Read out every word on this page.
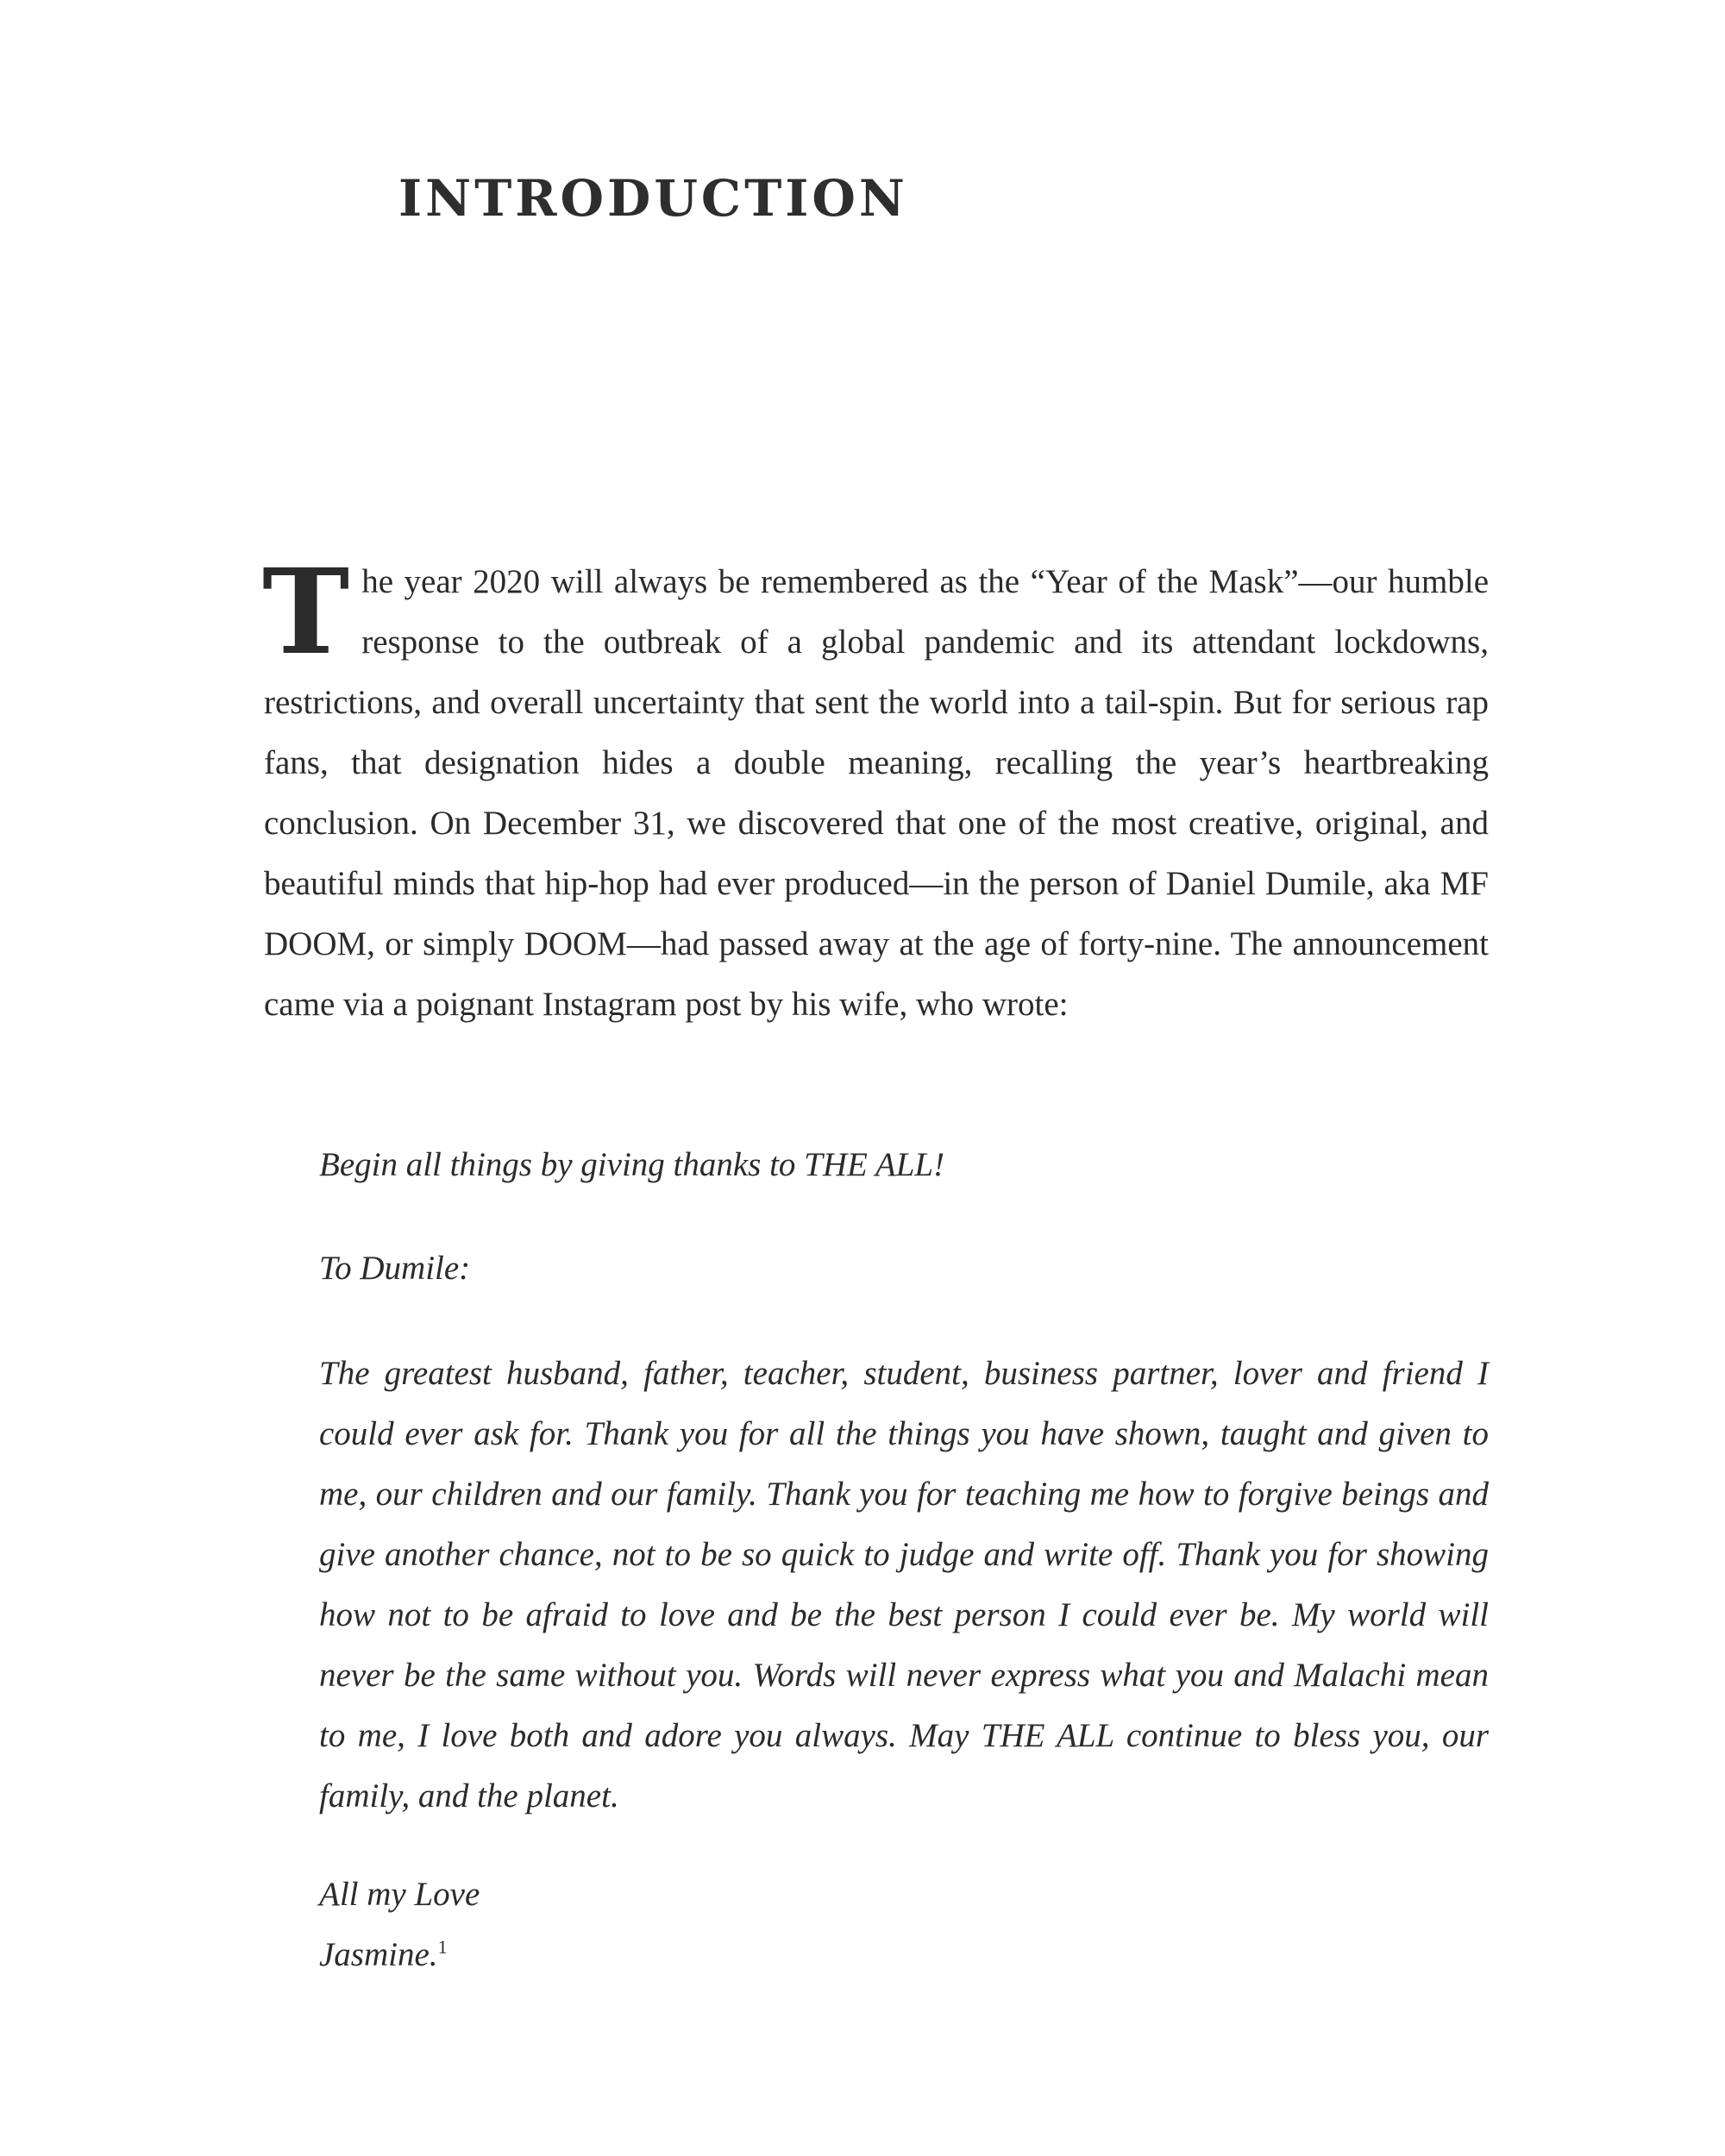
INTRODUCTION

The year 2020 will always be remembered as the “Year of the Mask”—our humble response to the outbreak of a global pandemic and its attendant lockdowns, restrictions, and overall uncertainty that sent the world into a tail-spin. But for serious rap fans, that designation hides a double meaning, recalling the year’s heartbreaking conclusion. On December 31, we discovered that one of the most creative, original, and beautiful minds that hip-hop had ever produced—in the person of Daniel Dumile, aka MF DOOM, or simply DOOM—had passed away at the age of forty-nine. The announcement came via a poignant Instagram post by his wife, who wrote:

Begin all things by giving thanks to THE ALL!

To Dumile:

The greatest husband, father, teacher, student, business partner, lover and friend I could ever ask for. Thank you for all the things you have shown, taught and given to me, our children and our family. Thank you for teaching me how to forgive beings and give another chance, not to be so quick to judge and write off. Thank you for showing how not to be afraid to love and be the best person I could ever be. My world will never be the same without you. Words will never express what you and Malachi mean to me, I love both and adore you always. May THE ALL continue to bless you, our family, and the planet.

All my Love
Jasmine.$^1$
